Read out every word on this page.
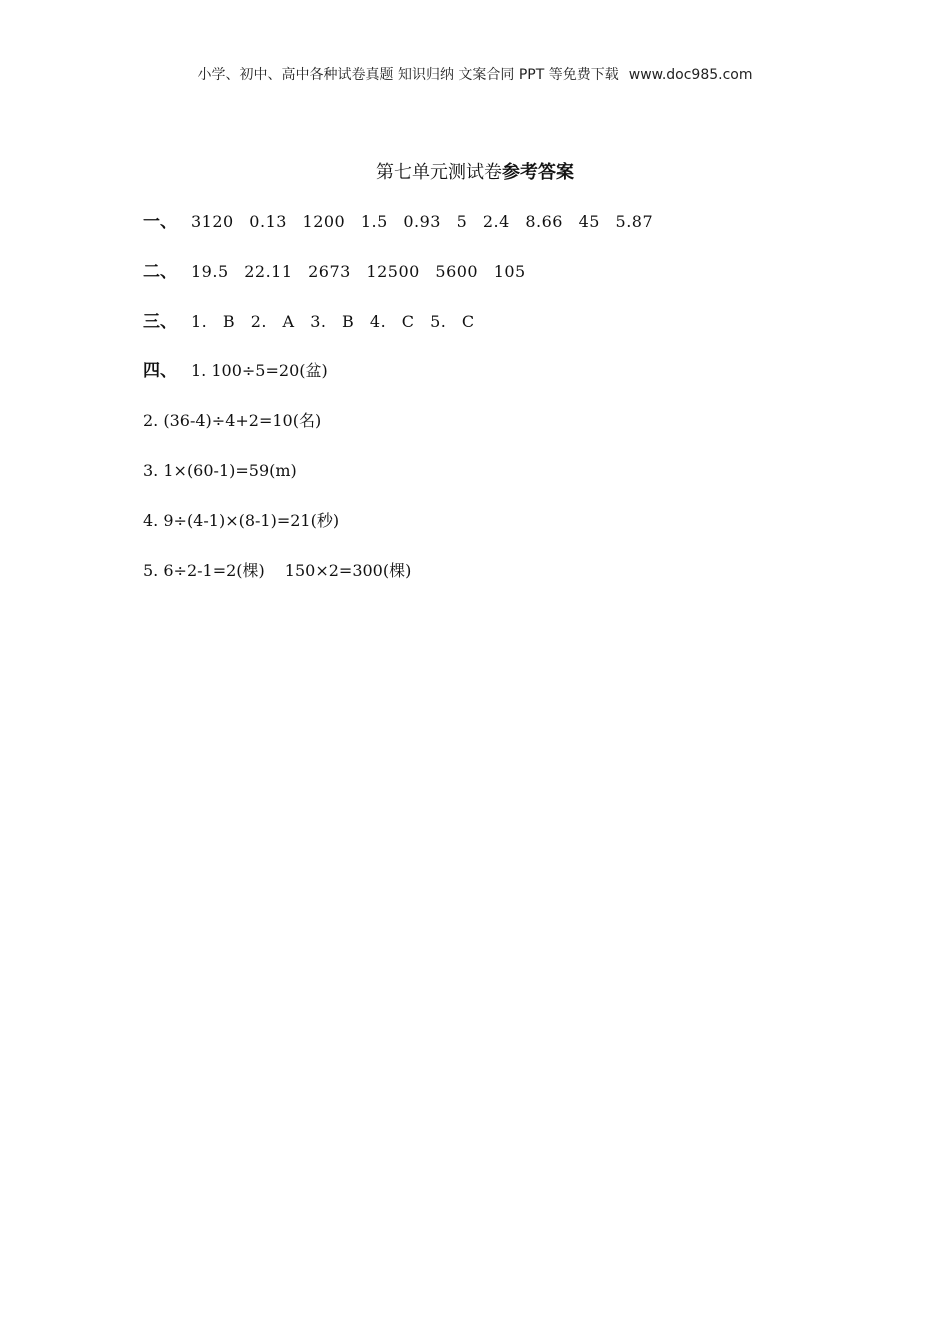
小学、初中、高中各种试卷真题 知识归纳 文案合同 PPT 等免费下载 www.doc985.com
第七单元测试卷参考答案
一、 3120 0.13 1200 1.5 0.93 5 2.4 8.66 45 5.87
二、 19.5 22.11 2673 12500 5600 105
三、 1. B 2. A 3. B 4. C 5. C
四、 1. 100÷5=20(盆)
2. (36-4)÷4+2=10(名)
3. 1×(60-1)=59(m)
4. 9÷(4-1)×(8-1)=21(秒)
5. 6÷2-1=2(棵) 150×2=300(棵)
